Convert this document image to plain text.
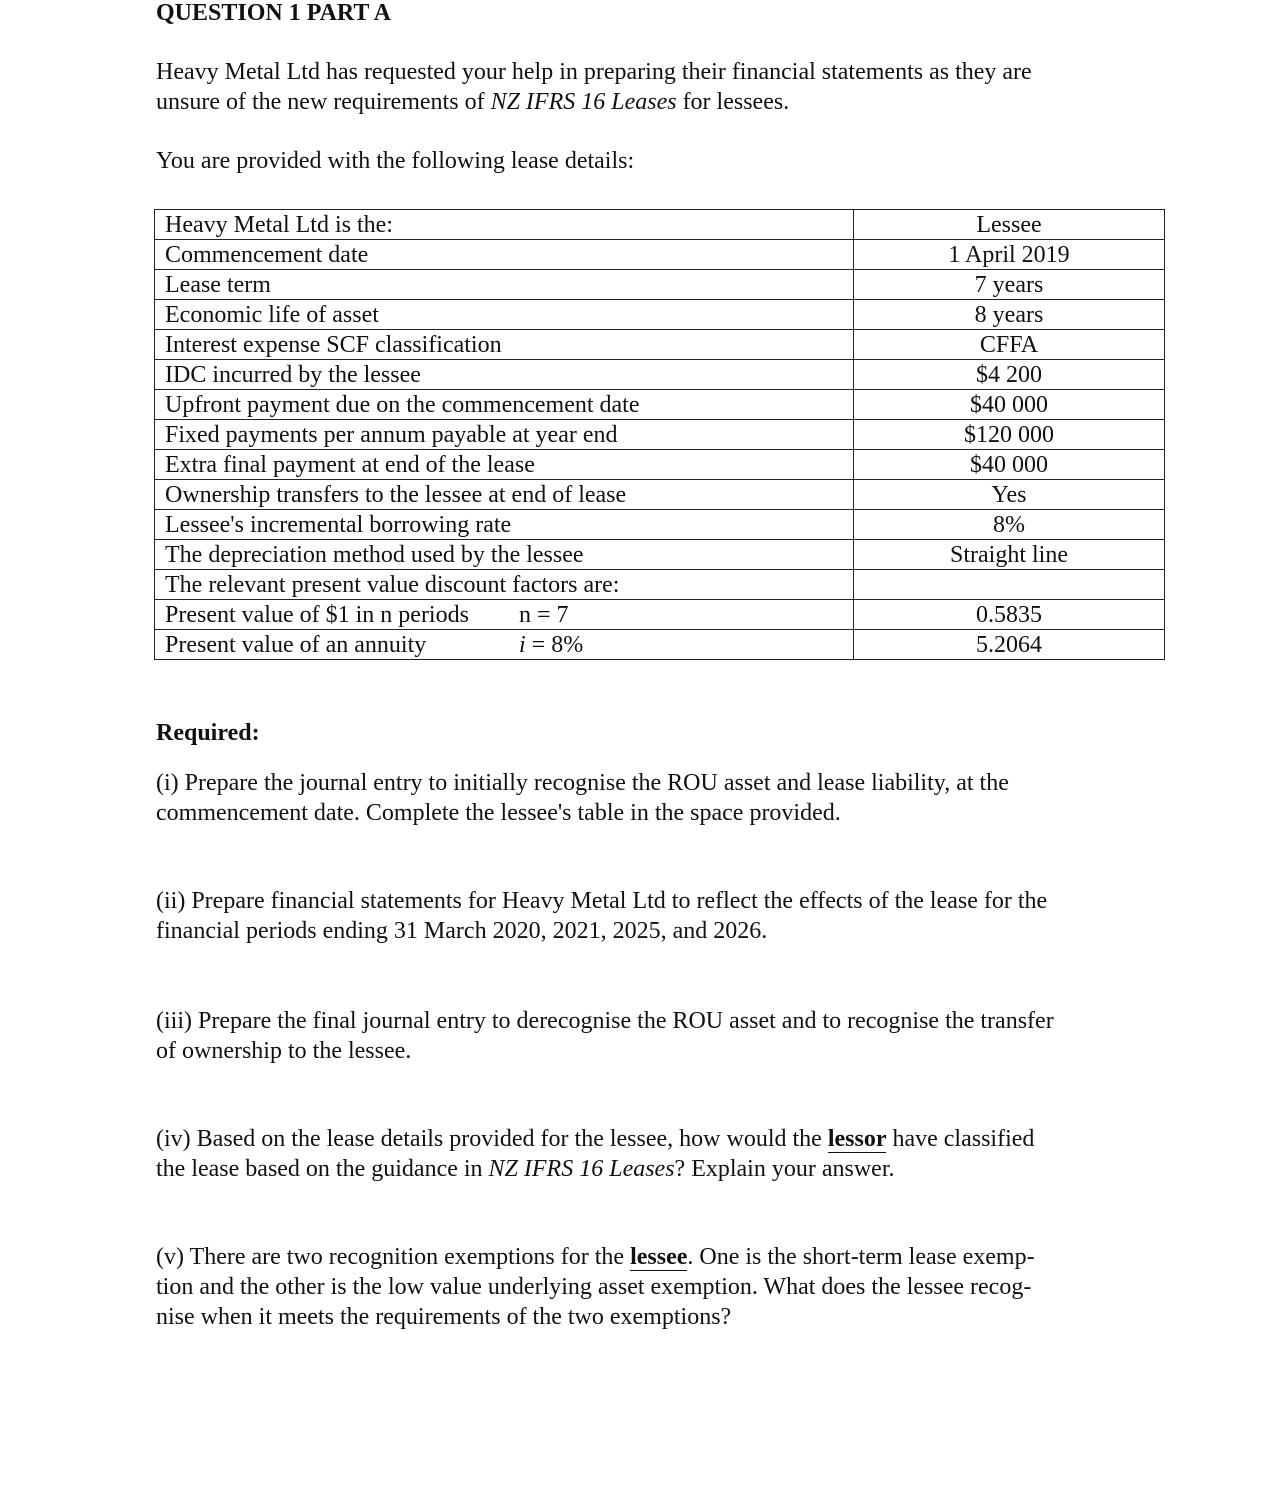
QUESTION 1 PART A
Heavy Metal Ltd has requested your help in preparing their financial statements as they are
unsure of the new requirements of NZ IFRS 16 Leases for lessees.
You are provided with the following lease details:
Heavy Metal Ltd is the:	Lessee
Commencement date	1 April 2019
Lease term	7 years
Economic life of asset	8 years
Interest expense SCF classification	CFFA
IDC incurred by the lessee	$4 200
Upfront payment due on the commencement date	$40 000
Fixed payments per annum payable at year end	$120 000
Extra final payment at end of the lease	$40 000
Ownership transfers to the lessee at end of lease	Yes
Lessee's incremental borrowing rate	8%
The depreciation method used by the lessee	Straight line
The relevant present value discount factors are:	
Present value of $1 in n periods n = 7	0.5835
Present value of an annuity i = 8%	5.2064
Required:
(i) Prepare the journal entry to initially recognise the ROU asset and lease liability, at the
commencement date. Complete the lessee's table in the space provided.
(ii) Prepare financial statements for Heavy Metal Ltd to reflect the effects of the lease for the
financial periods ending 31 March 2020, 2021, 2025, and 2026.
(iii) Prepare the final journal entry to derecognise the ROU asset and to recognise the transfer
of ownership to the lessee.
(iv) Based on the lease details provided for the lessee, how would the lessor have classified
the lease based on the guidance in NZ IFRS 16 Leases? Explain your answer.
(v) There are two recognition exemptions for the lessee. One is the short-term lease exemp-
tion and the other is the low value underlying asset exemption. What does the lessee recog-
nise when it meets the requirements of the two exemptions?
